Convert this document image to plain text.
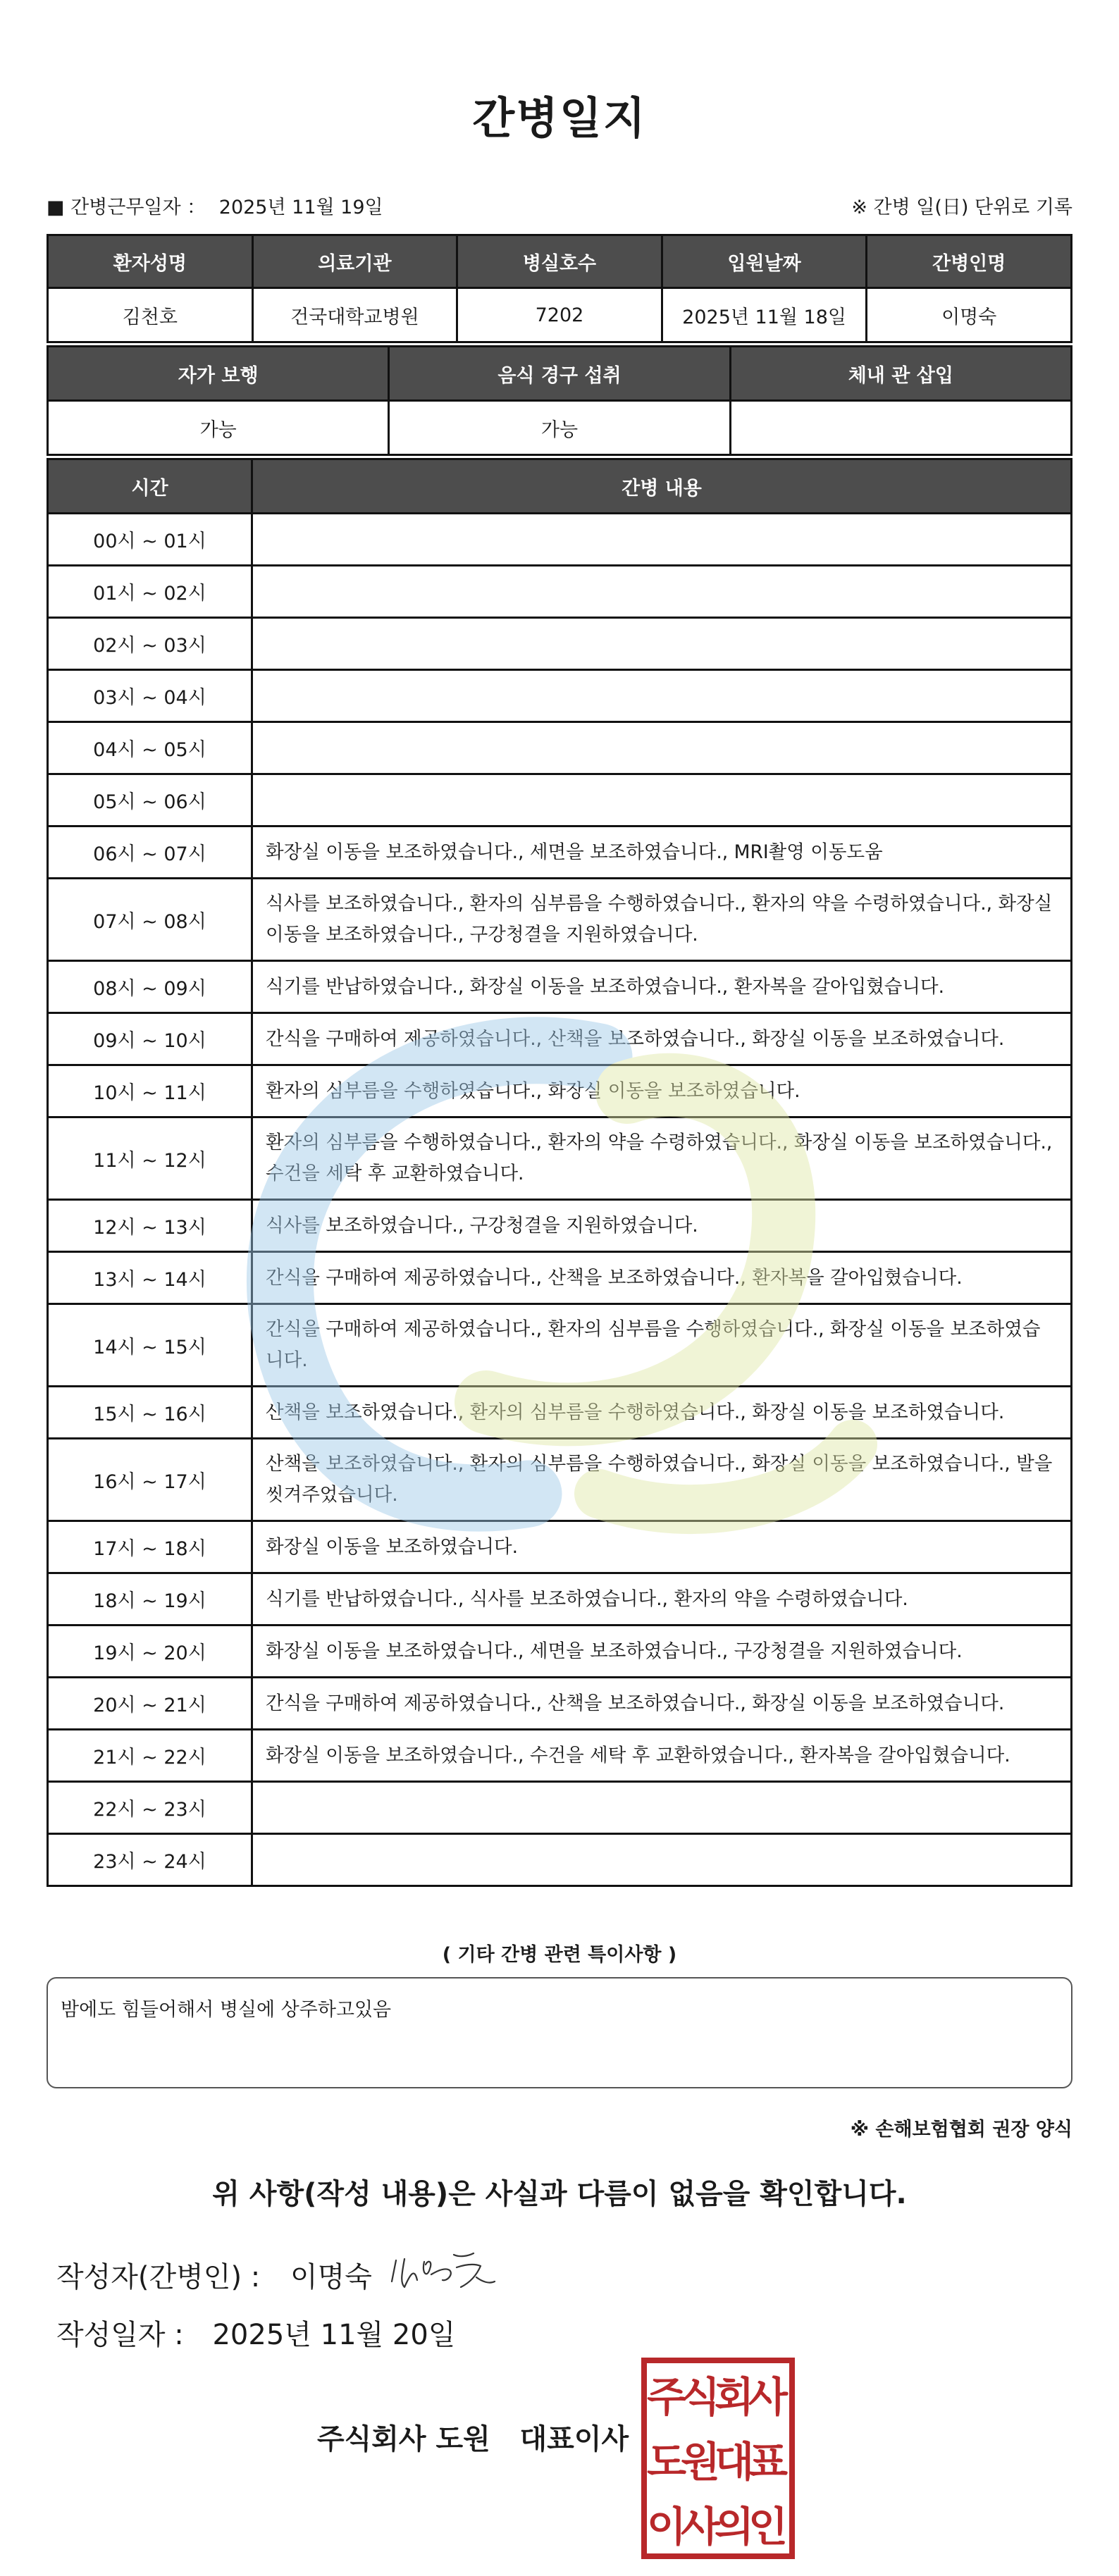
간병일지
■ 간병근무일자 ： 2025년 11월 19일	※ 간병 일(日) 단위로 기록
환자성명	의료기관	병실호수	입원날짜	간병인명
김천호	건국대학교병원	7202	2025년 11월 18일	이명숙
자가 보행	음식 경구 섭취	체내 관 삽입
가능	가능	
시간	간병 내용
00시 ~ 01시	
01시 ~ 02시	
02시 ~ 03시	
03시 ~ 04시	
04시 ~ 05시	
05시 ~ 06시	
06시 ~ 07시	화장실 이동을 보조하였습니다., 세면을 보조하였습니다., MRI촬영 이동도움
07시 ~ 08시	식사를 보조하였습니다., 환자의 심부름을 수행하였습니다., 환자의 약을 수령하였습니다., 화장실 이동을 보조하였습니다., 구강청결을 지원하였습니다.
08시 ~ 09시	식기를 반납하였습니다., 화장실 이동을 보조하였습니다., 환자복을 갈아입혔습니다.
09시 ~ 10시	간식을 구매하여 제공하였습니다., 산책을 보조하였습니다., 화장실 이동을 보조하였습니다.
10시 ~ 11시	환자의 심부름을 수행하였습니다., 화장실 이동을 보조하였습니다.
11시 ~ 12시	환자의 심부름을 수행하였습니다., 환자의 약을 수령하였습니다., 화장실 이동을 보조하였습니다., 수건을 세탁 후 교환하였습니다.
12시 ~ 13시	식사를 보조하였습니다., 구강청결을 지원하였습니다.
13시 ~ 14시	간식을 구매하여 제공하였습니다., 산책을 보조하였습니다., 환자복을 갈아입혔습니다.
14시 ~ 15시	간식을 구매하여 제공하였습니다., 환자의 심부름을 수행하였습니다., 화장실 이동을 보조하였습니다.
15시 ~ 16시	산책을 보조하였습니다., 환자의 심부름을 수행하였습니다., 화장실 이동을 보조하였습니다.
16시 ~ 17시	산책을 보조하였습니다., 환자의 심부름을 수행하였습니다., 화장실 이동을 보조하였습니다., 발을 씻겨주었습니다.
17시 ~ 18시	화장실 이동을 보조하였습니다.
18시 ~ 19시	식기를 반납하였습니다., 식사를 보조하였습니다., 환자의 약을 수령하였습니다.
19시 ~ 20시	화장실 이동을 보조하였습니다., 세면을 보조하였습니다., 구강청결을 지원하였습니다.
20시 ~ 21시	간식을 구매하여 제공하였습니다., 산책을 보조하였습니다., 화장실 이동을 보조하였습니다.
21시 ~ 22시	화장실 이동을 보조하였습니다., 수건을 세탁 후 교환하였습니다., 환자복을 갈아입혔습니다.
22시 ~ 23시	
23시 ~ 24시	
( 기타 간병 관련 특이사항 )
밤에도 힘들어해서 병실에 상주하고있음
※ 손해보험협회 권장 양식
위 사항(작성 내용)은 사실과 다름이 없음을 확인합니다.
작성자(간병인) : 이명숙
작성일자 : 2025년 11월 20일
주식회사 도원   대표이사
주
식
회
사
도
원
대
표
이
사
의
인
